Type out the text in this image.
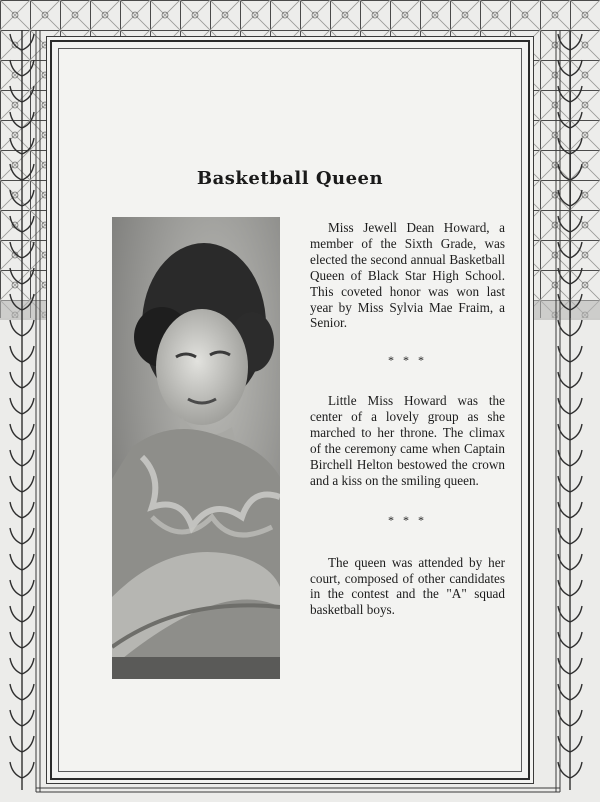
Basketball Queen

Miss Jewell Dean Howard, a member of the Sixth Grade, was elected the second annual Basketball Queen of Black Star High School. This coveted honor was won last year by Miss Sylvia Mae Fraim, a Senior.

* * *

Little Miss Howard was the center of a lovely group as she marched to her throne. The climax of the ceremony came when Captain Birchell Helton bestowed the crown and a kiss on the smiling queen.

* * *

The queen was attended by her court, composed of other candidates in the contest and the "A" squad basketball boys.
